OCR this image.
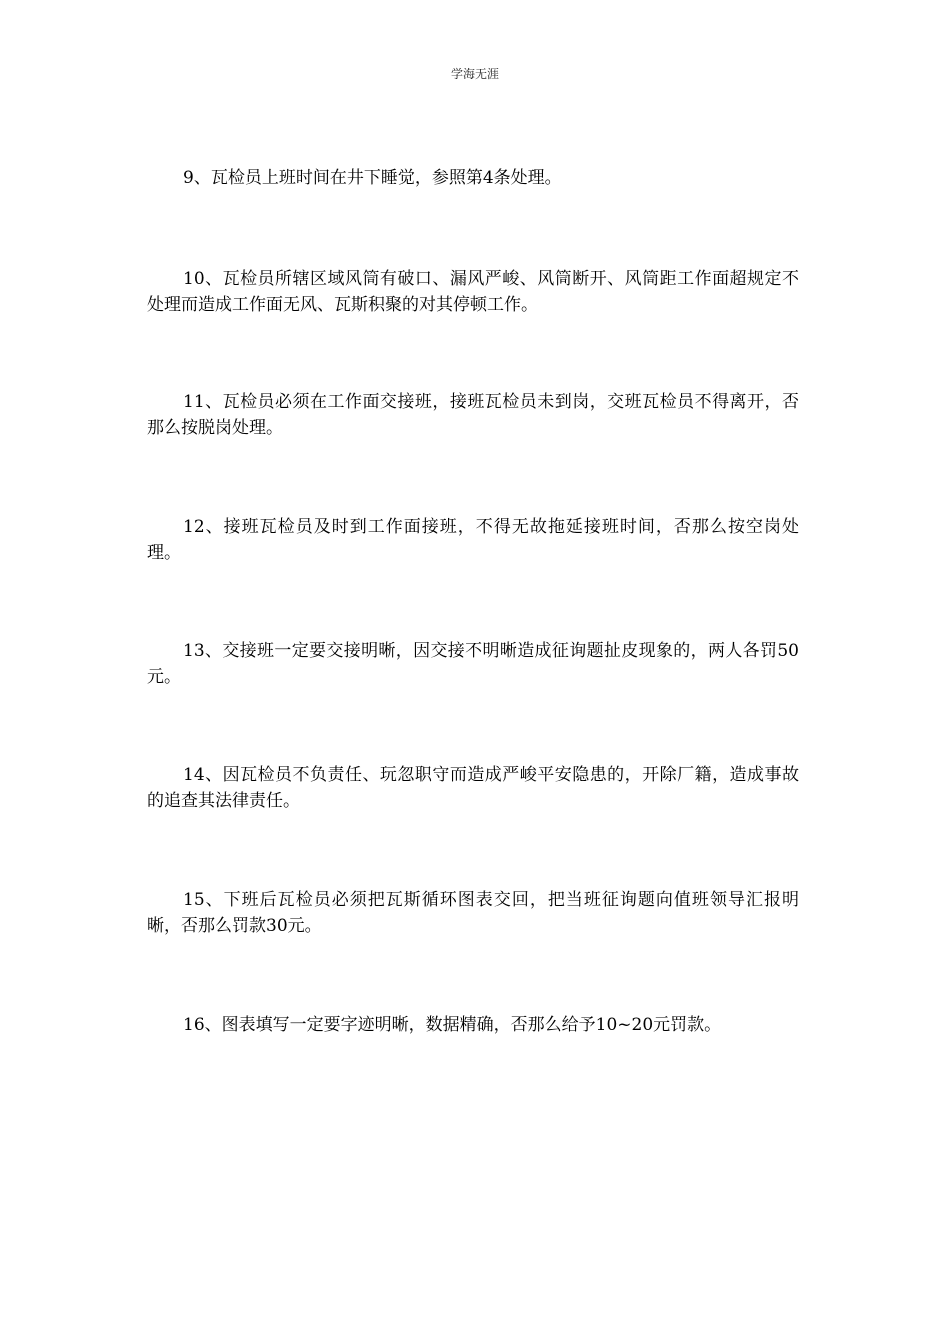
学海无涯

9、瓦检员上班时间在井下睡觉，参照第4条处理。

10、瓦检员所辖区域风筒有破口、漏风严峻、风筒断开、风筒距工作面超规定不处理而造成工作面无风、瓦斯积聚的对其停顿工作。

11、瓦检员必须在工作面交接班，接班瓦检员未到岗，交班瓦检员不得离开，否那么按脱岗处理。

12、接班瓦检员及时到工作面接班，不得无故拖延接班时间，否那么按空岗处理。

13、交接班一定要交接明晰，因交接不明晰造成征询题扯皮现象的，两人各罚50元。

14、因瓦检员不负责任、玩忽职守而造成严峻平安隐患的，开除厂籍，造成事故的追查其法律责任。

15、下班后瓦检员必须把瓦斯循环图表交回，把当班征询题向值班领导汇报明晰，否那么罚款30元。

16、图表填写一定要字迹明晰，数据精确，否那么给予10~20元罚款。
